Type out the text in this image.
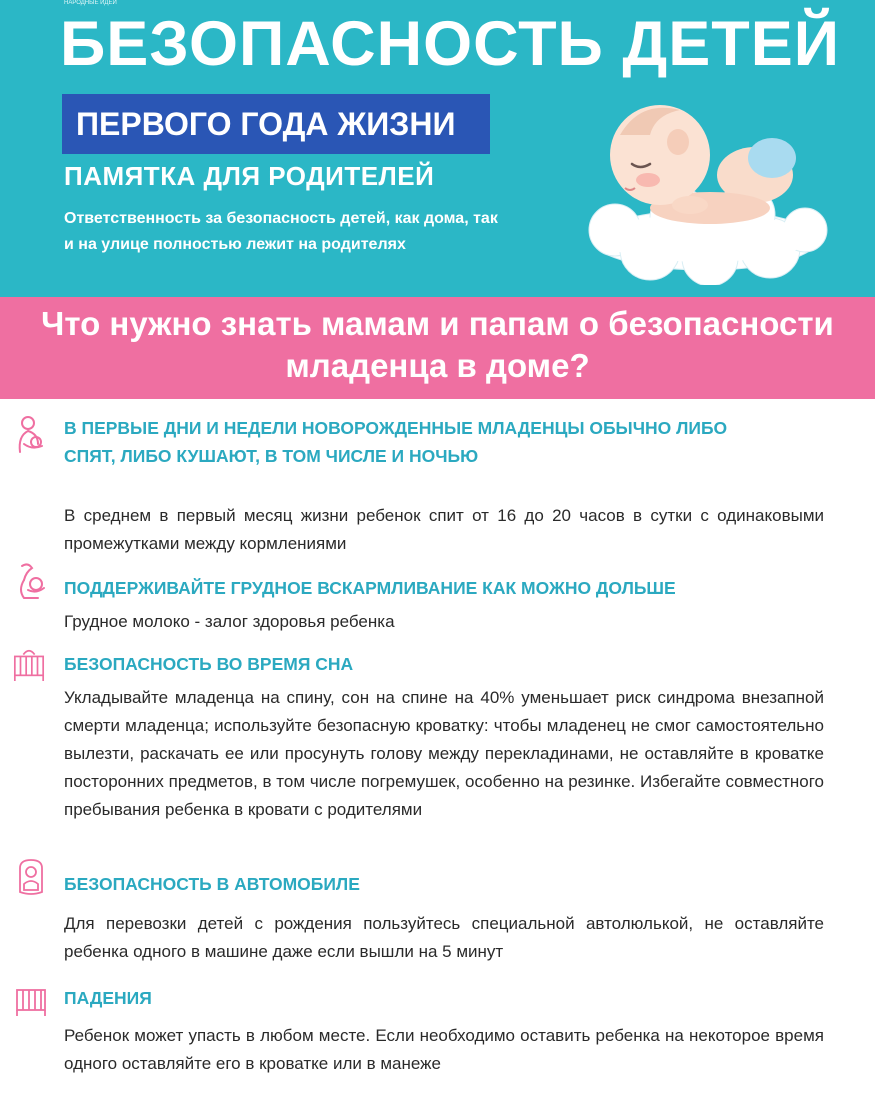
НАРОДНЫЕ ИДЕИ
БЕЗОПАСНОСТЬ ДЕТЕЙ
ПЕРВОГО ГОДА ЖИЗНИ
ПАМЯТКА ДЛЯ РОДИТЕЛЕЙ
Ответственность за безопасность детей, как дома, так и на улице полностью лежит на родителях
Что нужно знать мамам и папам о безопасности младенца в доме?
В ПЕРВЫЕ ДНИ И НЕДЕЛИ НОВОРОЖДЕННЫЕ МЛАДЕНЦЫ ОБЫЧНО ЛИБО
СПЯТ, ЛИБО КУШАЮТ, В ТОМ ЧИСЛЕ И НОЧЬЮ
В среднем в первый месяц жизни ребенок спит от 16 до 20 часов в сутки с одинаковыми промежутками между кормлениями
ПОДДЕРЖИВАЙТЕ ГРУДНОЕ ВСКАРМЛИВАНИЕ КАК МОЖНО ДОЛЬШЕ
Грудное молоко - залог здоровья ребенка
БЕЗОПАСНОСТЬ ВО ВРЕМЯ СНА
Укладывайте младенца на спину, сон на спине на 40% уменьшает риск синдрома внезапной смерти младенца; используйте безопасную кроватку: чтобы младенец не смог самостоятельно вылезти, раскачать ее или просунуть голову между перекладинами, не оставляйте в кроватке посторонних предметов, в том числе погремушек, особенно на резинке. Избегайте совместного пребывания ребенка в кровати с родителями
БЕЗОПАСНОСТЬ В АВТОМОБИЛЕ
Для перевозки детей с рождения пользуйтесь специальной автолюлькой, не оставляйте ребенка одного в машине даже если вышли на 5 минут
ПАДЕНИЯ
Ребенок может упасть в любом месте. Если необходимо оставить ребенка на некоторое время одного оставляйте его в кроватке или в манеже
